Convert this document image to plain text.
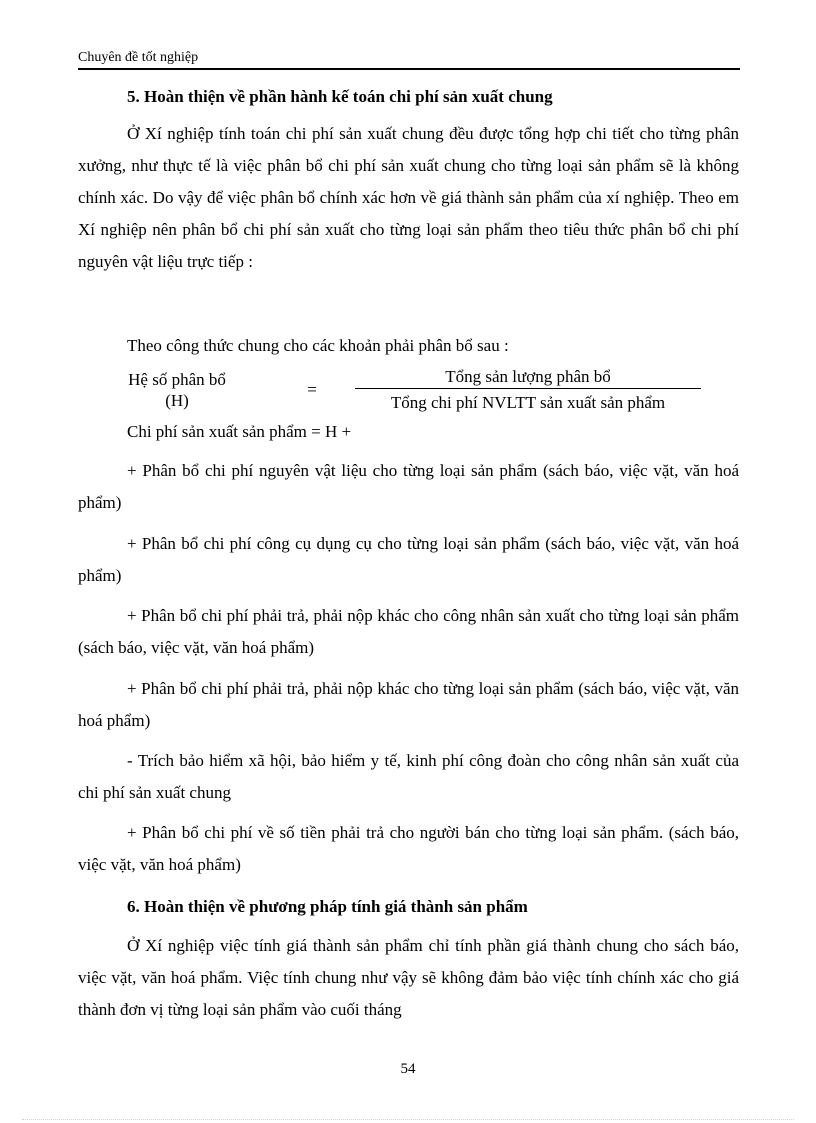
Chuyên đề tốt nghiệp
5. Hoàn thiện về phần hành kế toán chi phí sản xuất chung

Ở Xí nghiệp tính toán chi phí sản xuất chung đều được tổng hợp chi tiết cho từng phân xưởng, như thực tế là việc phân bổ chi phí sản xuất chung cho từng loại sản phẩm sẽ là không chính xác. Do vậy để việc phân bổ chính xác hơn về giá thành sản phẩm của xí nghiệp. Theo em Xí nghiệp nên phân bổ chi phí sản xuất cho từng loại sản phẩm theo tiêu thức phân bổ chi phí nguyên vật liệu trực tiếp :

Theo công thức chung cho các khoản phải phân bổ sau :
Hệ số phân bổ
(H)
=
Tổng sản lượng phân bổ
Tổng chi phí NVLTT sản xuất sản phẩm
Chi phí sản xuất sản phẩm = H +

+ Phân bổ chi phí nguyên vật liệu cho từng loại sản phẩm (sách báo, việc vặt, văn hoá phẩm)

+ Phân bổ chi phí công cụ dụng cụ cho từng loại sản phẩm (sách báo, việc vặt, văn hoá phẩm)

+ Phân bổ chi phí phải trả, phải nộp khác cho công nhân sản xuất cho từng loại sản phẩm (sách báo, việc vặt, văn hoá phẩm)

+ Phân bổ chi phí phải trả, phải nộp khác cho từng loại sản phẩm (sách báo, việc vặt, văn hoá phẩm)

- Trích bảo hiểm xã hội, bảo hiểm y tế, kinh phí công đoàn cho công nhân sản xuất của chi phí sản xuất chung

+ Phân bổ chi phí về số tiền phải trả cho người bán cho từng loại sản phẩm. (sách báo, việc vặt, văn hoá phẩm)

6. Hoàn thiện về phương pháp tính giá thành sản phẩm

Ở Xí nghiệp việc tính giá thành sản phẩm chỉ tính phần giá thành chung cho sách báo, việc vặt, văn hoá phẩm. Việc tính chung như vậy sẽ không đảm bảo việc tính chính xác cho giá thành đơn vị từng loại sản phẩm vào cuối tháng

54
